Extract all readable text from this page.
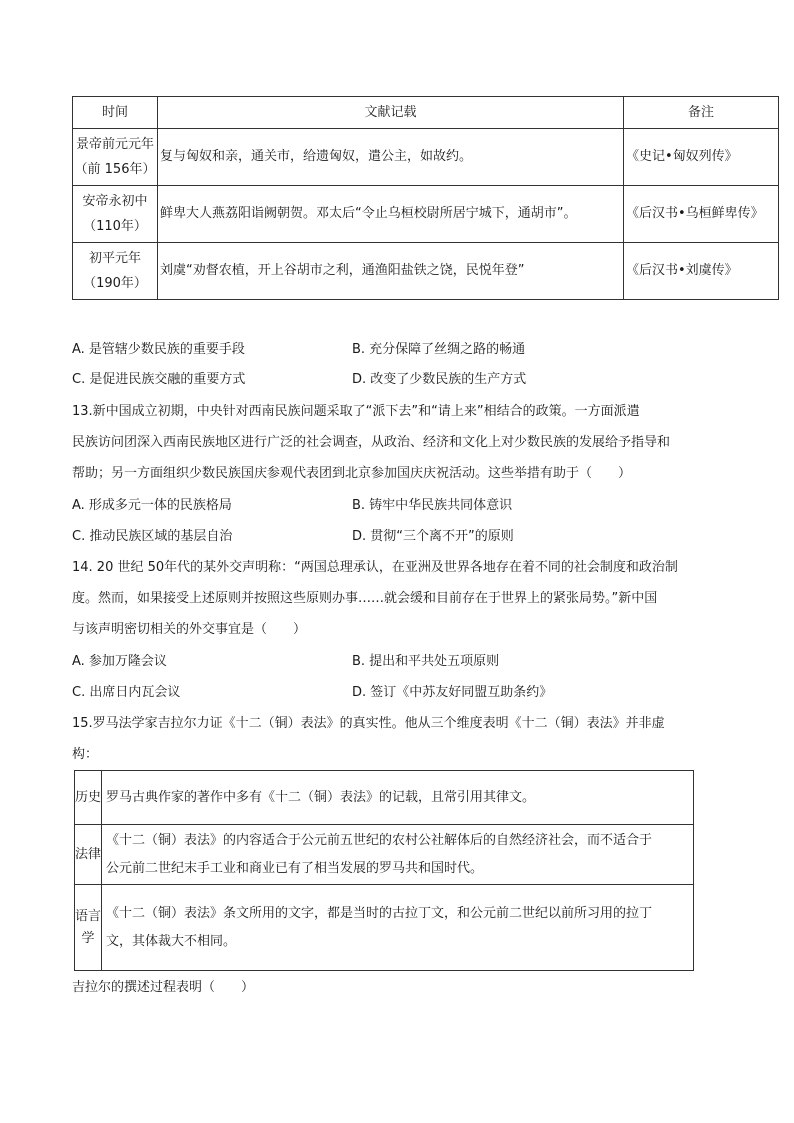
时间	文献记载	备注

景帝前元元年
（前 156年）	复与匈奴和亲，通关市，给遗匈奴，遣公主，如故约。	《史记•匈奴列传》

安帝永初中
（110年）	鲜卑大人燕荔阳诣阙朝贺。邓太后“令止乌桓校尉所居宁城下，通胡市”。	《后汉书•乌桓鲜卑传》

初平元年
（190年）	刘虞“劝督农植，开上谷胡市之利，通渔阳盐铁之饶，民悦年登”	《后汉书•刘虞传》
A. 是管辖少数民族的重要手段	B. 充分保障了丝绸之路的畅通
C. 是促进民族交融的重要方式	D. 改变了少数民族的生产方式
13.新中国成立初期，中央针对西南民族问题采取了“派下去”和“请上来”相结合的政策。一方面派遣
民族访问团深入西南民族地区进行广泛的社会调查，从政治、经济和文化上对少数民族的发展给予指导和
帮助；另一方面组织少数民族国庆参观代表团到北京参加国庆庆祝活动。这些举措有助于（　　）
A. 形成多元一体的民族格局	B. 铸牢中华民族共同体意识
C. 推动民族区域的基层自治	D. 贯彻“三个离不开”的原则
14. 20 世纪 50年代的某外交声明称：“两国总理承认，在亚洲及世界各地存在着不同的社会制度和政治制
度。然而，如果接受上述原则并按照这些原则办事……就会缓和目前存在于世界上的紧张局势。”新中国
与该声明密切相关的外交事宜是（　　）
A. 参加万隆会议	B. 提出和平共处五项原则
C. 出席日内瓦会议	D. 签订《中苏友好同盟互助条约》
15.罗马法学家吉拉尔力证《十二（铜）表法》的真实性。他从三个维度表明《十二（铜）表法》并非虚
构：
历史	罗马古典作家的著作中多有《十二（铜）表法》的记载，且常引用其律文。

法律	《十二（铜）表法》的内容适合于公元前五世纪的农村公社解体后的自然经济社会，而不适合于
公元前二世纪末手工业和商业已有了相当发展的罗马共和国时代。

语言学	《十二（铜）表法》条文所用的文字，都是当时的古拉丁文，和公元前二世纪以前所习用的拉丁
文，其体裁大不相同。
吉拉尔的撰述过程表明（　　）
